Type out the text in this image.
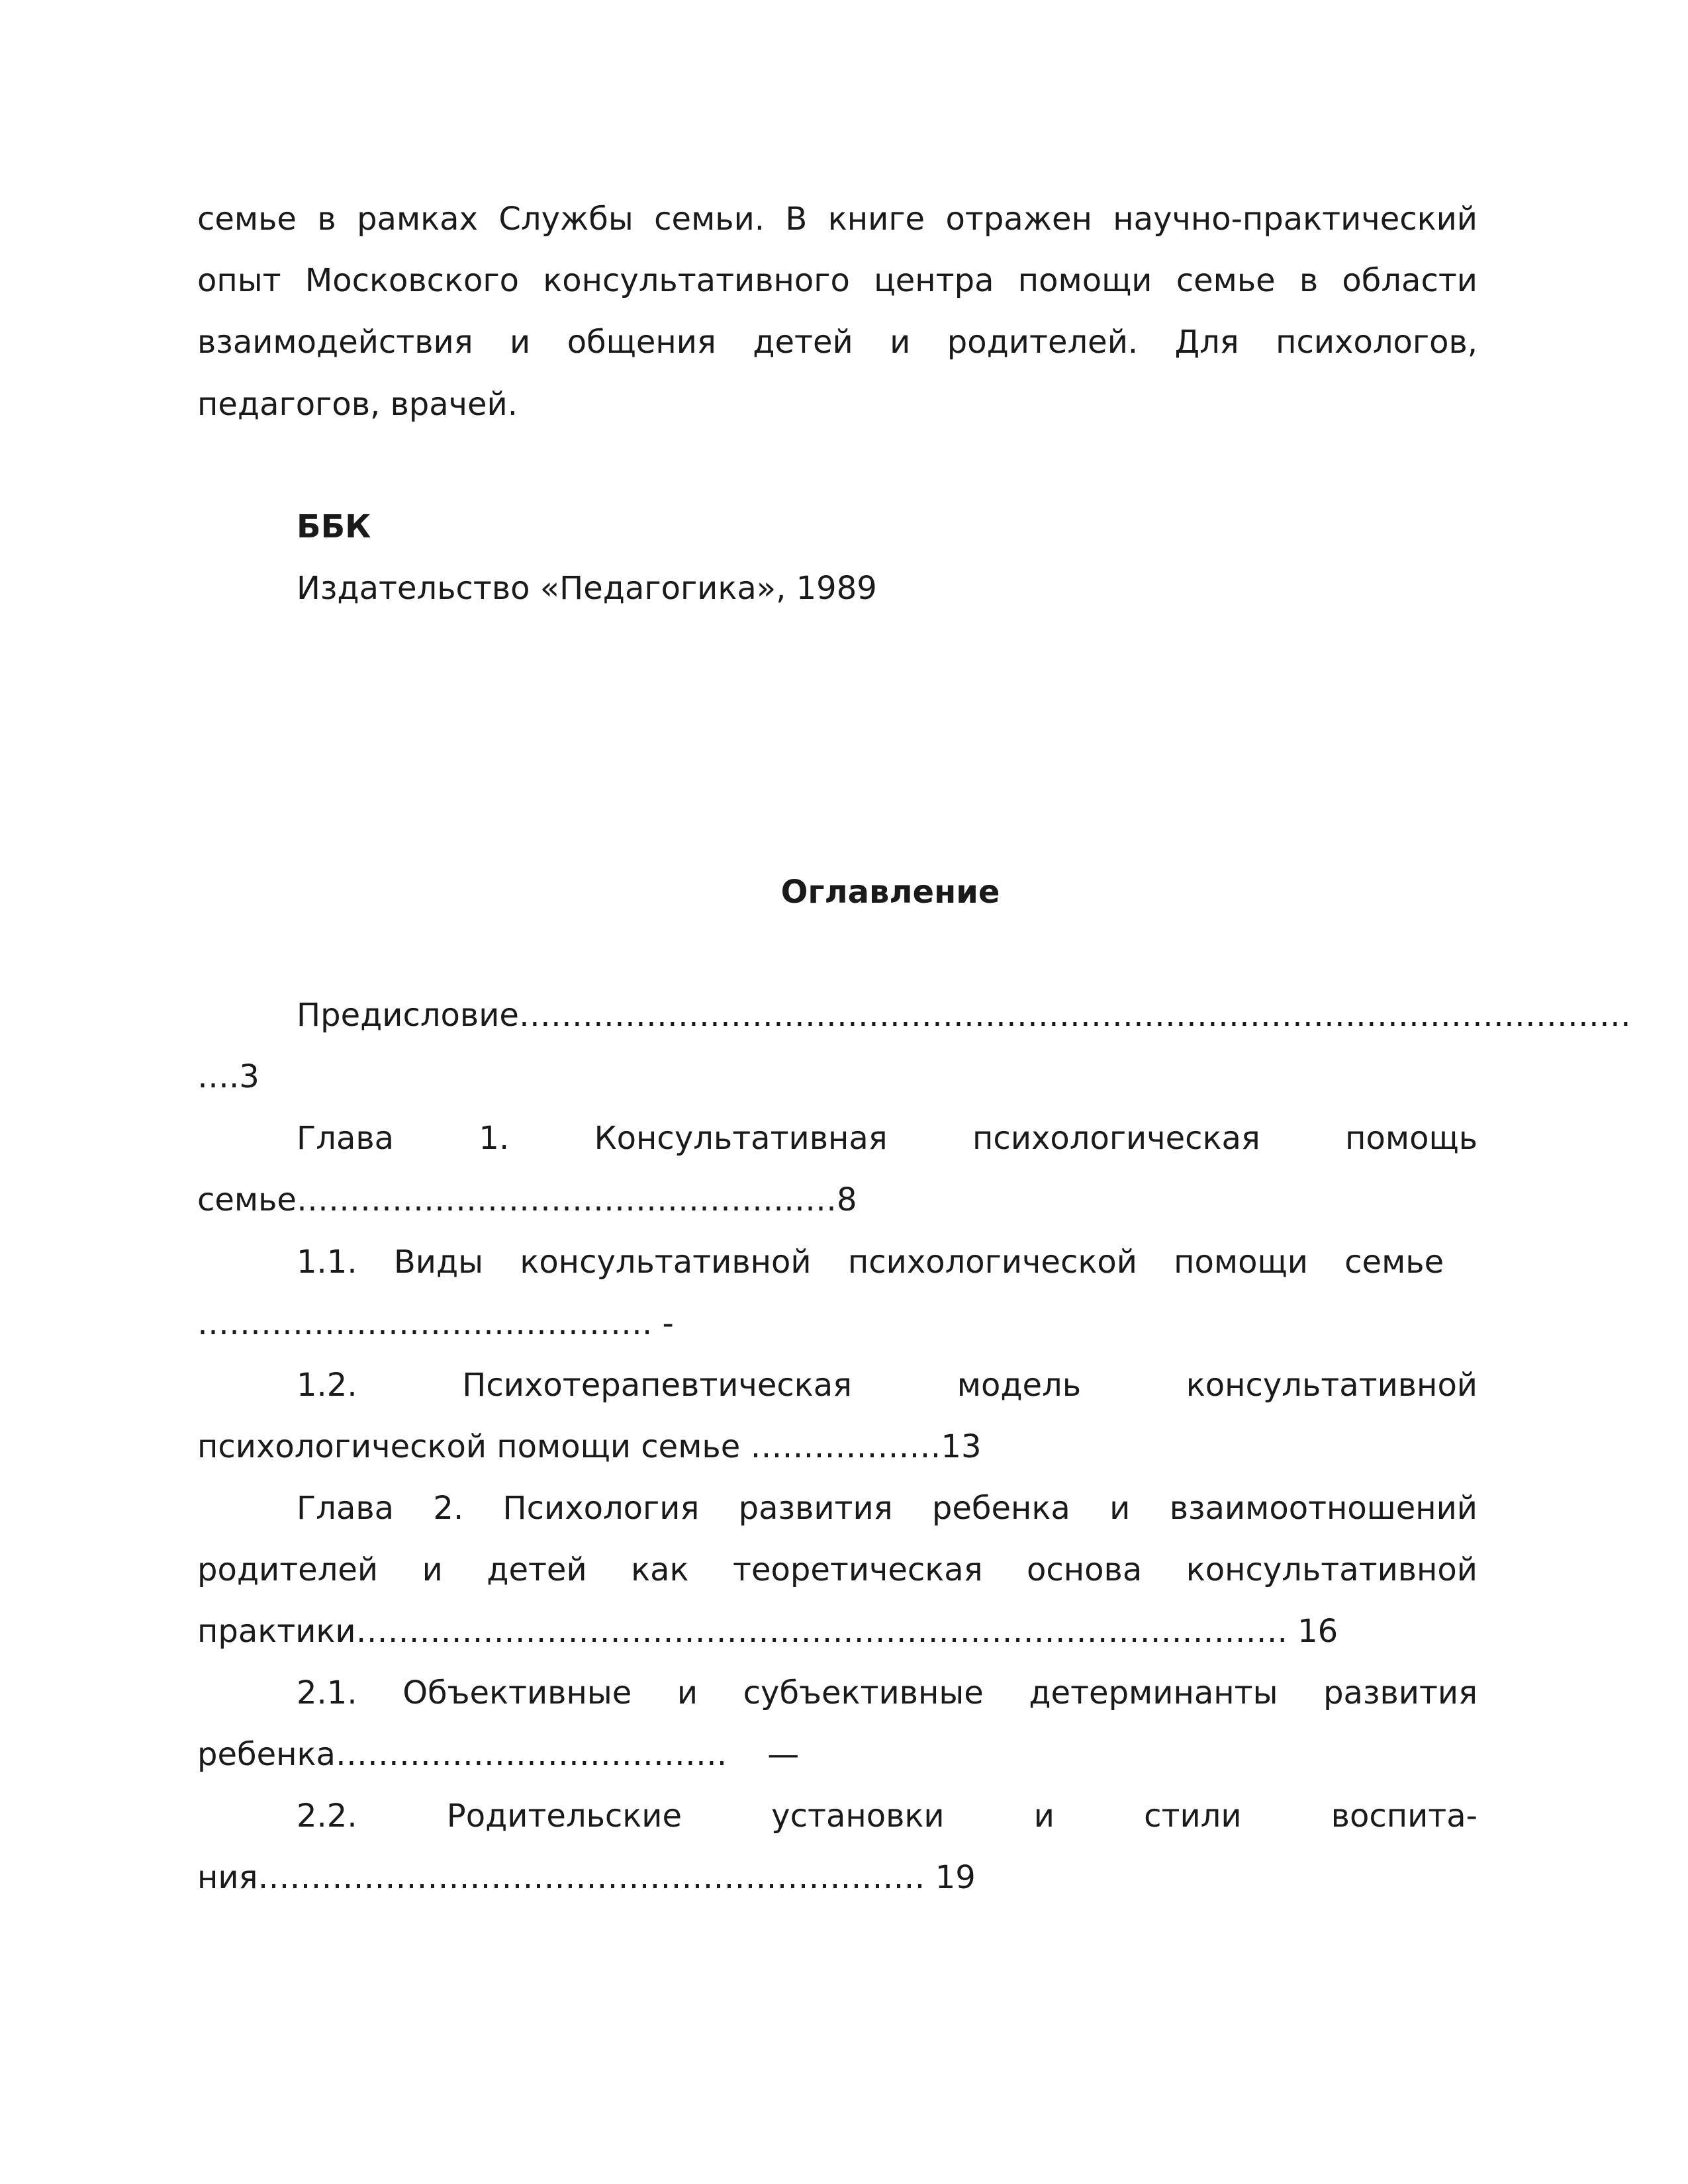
семье в рамках Службы семьи. В книге отражен научно-практический
опыт Московского консультативного центра помощи семье в области
взаимодействия и общения детей и родителей. Для психологов,
педагогов, врачей.
ББК
Издательство «Педагогика», 1989
Оглавление
Предисловие……………………………………………………………………………………………
….3
Глава 1. Консультативная психологическая помощь
семье……………………………………………8
1.1. Виды консультативной психологической помощи семье
……………………………………. -
1.2. Психотерапевтическая модель консультативной
психологической помощи семье ………………13
Глава 2. Психология развития ребенка и взаимоотношений
родителей и детей как теоретическая основа консультативной
практики……………………………………………………………………………. 16
2.1. Объективные и субъективные детерминанты развития
ребенка……………………………….    —
2.2. Родительские установки и стили воспита-
ния……………………………………………………… 19
